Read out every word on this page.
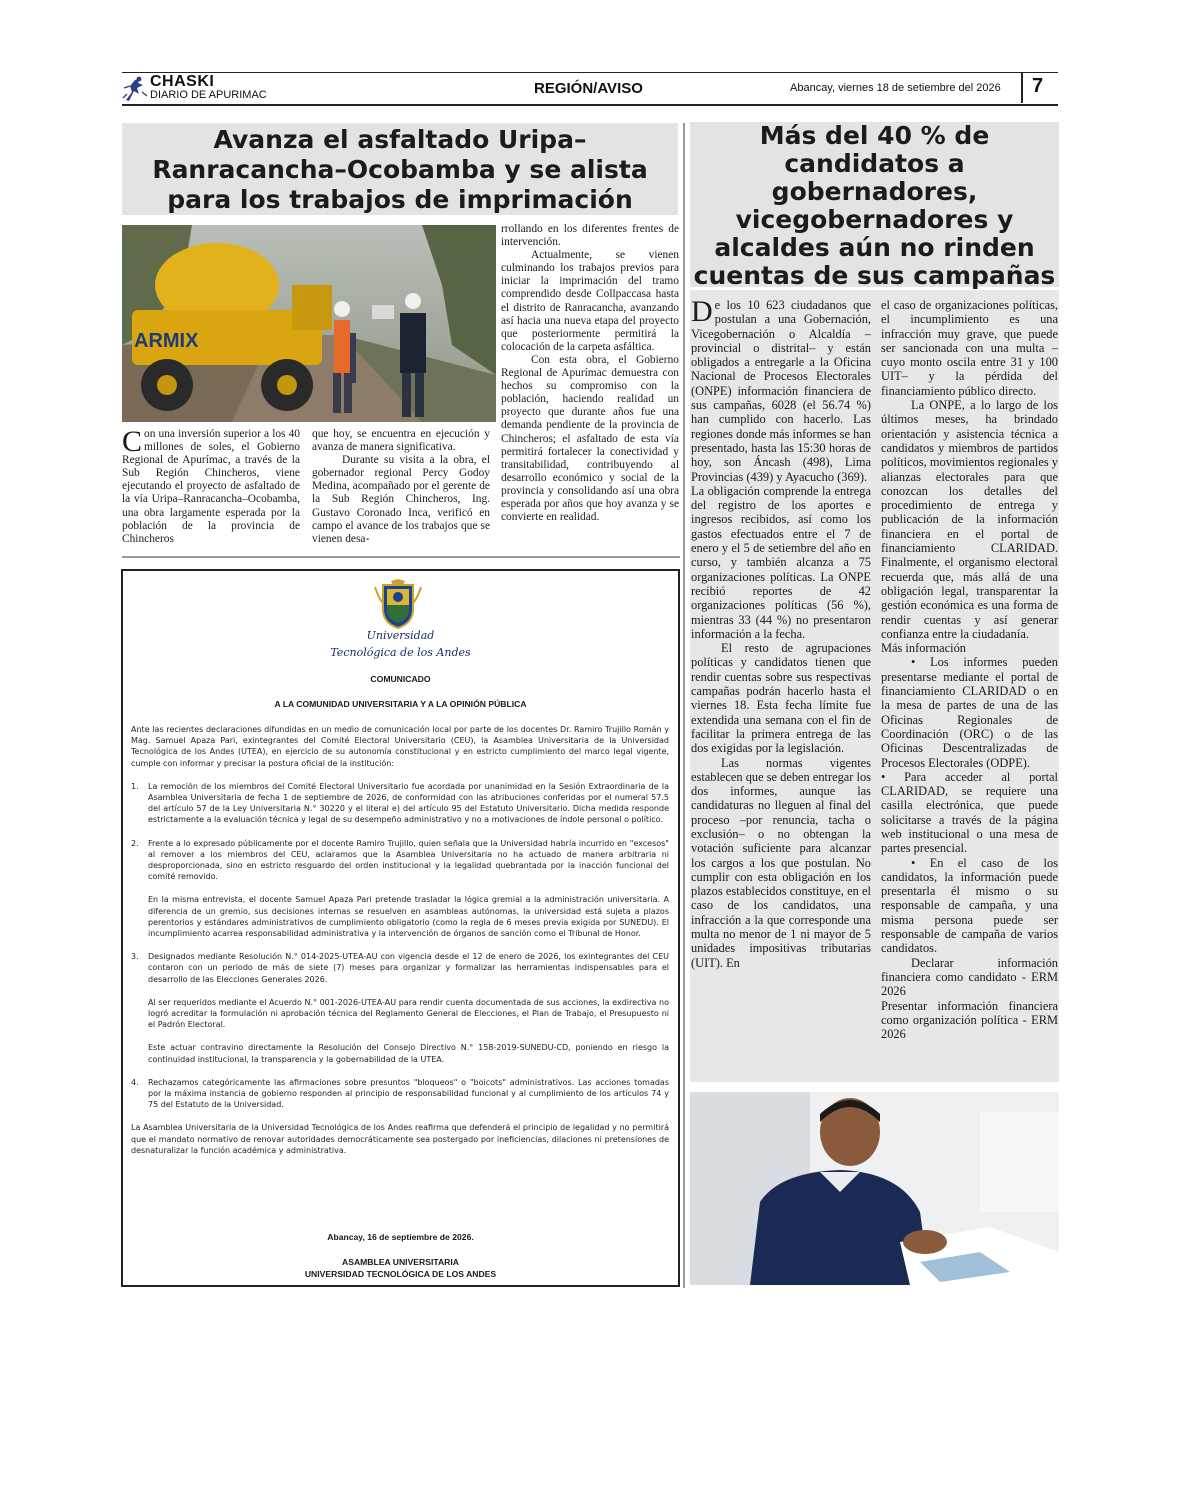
CHASKI
DIARIO DE APURIMAC	REGIÓN/AVISO	Abancay, viernes 18 de setiembre del 2026 7
Avanza el asfaltado Uripa–Ranracancha–Ocobamba y se alista para los trabajos de imprimación
ARMIX

Con una inversión superior a los 40 millones de soles, el Gobierno Regional de Apurímac, a través de la Sub Región Chincheros, viene ejecutando el proyecto de asfaltado de la vía Uripa–Ranracancha–Ocobamba, una obra largamente esperada por la población de la provincia de Chincheros

que hoy, se encuentra en ejecución y avanza de manera significativa.

Durante su visita a la obra, el gobernador regional Percy Godoy Medina, acompañado por el gerente de la Sub Región Chincheros, Ing. Gustavo Coronado Inca, verificó en campo el avance de los trabajos que se vienen desa-

rrollando en los diferentes frentes de intervención.

Actualmente, se vienen culminando los trabajos previos para iniciar la imprimación del tramo comprendido desde Collpaccasa hasta el distrito de Ranracancha, avanzando así hacia una nueva etapa del proyecto que posteriormente permitirá la colocación de la carpeta asfáltica.

Con esta obra, el Gobierno Regional de Apurímac demuestra con hechos su compromiso con la población, haciendo realidad un proyecto que durante años fue una demanda pendiente de la provincia de Chincheros; el asfaltado de esta vía permitirá fortalecer la conectividad y transitabilidad, contribuyendo al desarrollo económico y social de la provincia y consolidando así una obra esperada por años que hoy avanza y se convierte en realidad.

Universidad
Tecnológica de los Andes
COMUNICADO
A LA COMUNIDAD UNIVERSITARIA Y A LA OPINIÓN PÚBLICA

Ante las recientes declaraciones difundidas en un medio de comunicación local por parte de los docentes Dr. Ramiro Trujillo Román y Mag. Samuel Apaza Pari, exintegrantes del Comité Electoral Universitario (CEU), la Asamblea Universitaria de la Universidad Tecnológica de los Andes (UTEA), en ejercicio de su autonomía constitucional y en estricto cumplimiento del marco legal vigente, cumple con informar y precisar la postura oficial de la institución:

1. La remoción de los miembros del Comité Electoral Universitario fue acordada por unanimidad en la Sesión Extraordinaria de la Asamblea Universitaria de fecha 1 de septiembre de 2026, de conformidad con las atribuciones conferidas por el numeral 57.5 del artículo 57 de la Ley Universitaria N.° 30220 y el literal e) del artículo 95 del Estatuto Universitario. Dicha medida responde estrictamente a la evaluación técnica y legal de su desempeño administrativo y no a motivaciones de índole personal o político.

2. Frente a lo expresado públicamente por el docente Ramiro Trujillo, quien señala que la Universidad habría incurrido en "excesos" al remover a los miembros del CEU, aclaramos que la Asamblea Universitaria no ha actuado de manera arbitraria ni desproporcionada, sino en estricto resguardo del orden institucional y la legalidad quebrantada por la inacción funcional del comité removido.

En la misma entrevista, el docente Samuel Apaza Pari pretende trasladar la lógica gremial a la administración universitaria. A diferencia de un gremio, sus decisiones internas se resuelven en asambleas autónomas, la universidad está sujeta a plazos perentorios y estándares administrativos de cumplimiento obligatorio (como la regla de 6 meses previa exigida por SUNEDU). El incumplimiento acarrea responsabilidad administrativa y la intervención de órganos de sanción como el Tribunal de Honor.

3. Designados mediante Resolución N.° 014-2025-UTEA-AU con vigencia desde el 12 de enero de 2026, los exintegrantes del CEU contaron con un periodo de más de siete (7) meses para organizar y formalizar las herramientas indispensables para el desarrollo de las Elecciones Generales 2026.

Al ser requeridos mediante el Acuerdo N.° 001-2026-UTEA-AU para rendir cuenta documentada de sus acciones, la exdirectiva no logró acreditar la formulación ni aprobación técnica del Reglamento General de Elecciones, el Plan de Trabajo, el Presupuesto ni el Padrón Electoral.

Este actuar contravino directamente la Resolución del Consejo Directivo N.° 158-2019-SUNEDU-CD, poniendo en riesgo la continuidad institucional, la transparencia y la gobernabilidad de la UTEA.

4. Rechazamos categóricamente las afirmaciones sobre presuntos "bloqueos" o "boicots" administrativos. Las acciones tomadas por la máxima instancia de gobierno responden al principio de responsabilidad funcional y al cumplimiento de los artículos 74 y 75 del Estatuto de la Universidad.

La Asamblea Universitaria de la Universidad Tecnológica de los Andes reafirma que defenderá el principio de legalidad y no permitirá que el mandato normativo de renovar autoridades democráticamente sea postergado por ineficiencias, dilaciones ni pretensiones de desnaturalizar la función académica y administrativa.

Abancay, 16 de septiembre de 2026.
ASAMBLEA UNIVERSITARIA
UNIVERSIDAD TECNOLÓGICA DE LOS ANDES
Más del 40 % de candidatos a gobernadores, vicegobernadores y alcaldes aún no rinden cuentas de sus campañas

De los 10 623 ciudadanos que postulan a una Gobernación, Vicegobernación o Alcaldía –provincial o distrital– y están obligados a entregarle a la Oficina Nacional de Procesos Electorales (ONPE) información financiera de sus campañas, 6028 (el 56.74 %) han cumplido con hacerlo. Las regiones donde más informes se han presentado, hasta las 15:30 horas de hoy, son Áncash (498), Lima Provincias (439) y Ayacucho (369).

La obligación comprende la entrega del registro de los aportes e ingresos recibidos, así como los gastos efectuados entre el 7 de enero y el 5 de setiembre del año en curso, y también alcanza a 75 organizaciones políticas. La ONPE recibió reportes de 42 organizaciones políticas (56 %), mientras 33 (44 %) no presentaron información a la fecha.

El resto de agrupaciones políticas y candidatos tienen que rendir cuentas sobre sus respectivas campañas podrán hacerlo hasta el viernes 18. Esta fecha límite fue extendida una semana con el fin de facilitar la primera entrega de las dos exigidas por la legislación.

Las normas vigentes establecen que se deben entregar los dos informes, aunque las candidaturas no lleguen al final del proceso –por renuncia, tacha o exclusión– o no obtengan la votación suficiente para alcanzar los cargos a los que postulan. No cumplir con esta obligación en los plazos establecidos constituye, en el caso de los candidatos, una infracción a la que corresponde una multa no menor de 1 ni mayor de 5 unidades impositivas tributarias (UIT). En

el caso de organizaciones políticas, el incumplimiento es una infracción muy grave, que puede ser sancionada con una multa –cuyo monto oscila entre 31 y 100 UIT– y la pérdida del financiamiento público directo.

La ONPE, a lo largo de los últimos meses, ha brindado orientación y asistencia técnica a candidatos y miembros de partidos políticos, movimientos regionales y alianzas electorales para que conozcan los detalles del procedimiento de entrega y publicación de la información financiera en el portal de financiamiento CLARIDAD. Finalmente, el organismo electoral recuerda que, más allá de una obligación legal, transparentar la gestión económica es una forma de rendir cuentas y así generar confianza entre la ciudadanía.

Más información

• Los informes pueden presentarse mediante el portal de financiamiento CLARIDAD o en la mesa de partes de una de las Oficinas Regionales de Coordinación (ORC) o de las Oficinas Descentralizadas de Procesos Electorales (ODPE).

• Para acceder al portal CLARIDAD, se requiere una casilla electrónica, que puede solicitarse a través de la página web institucional o una mesa de partes presencial.

• En el caso de los candidatos, la información puede presentarla él mismo o su responsable de campaña, y una misma persona puede ser responsable de campaña de varios candidatos.

Declarar información financiera como candidato - ERM 2026

Presentar información financiera como organización política - ERM 2026
